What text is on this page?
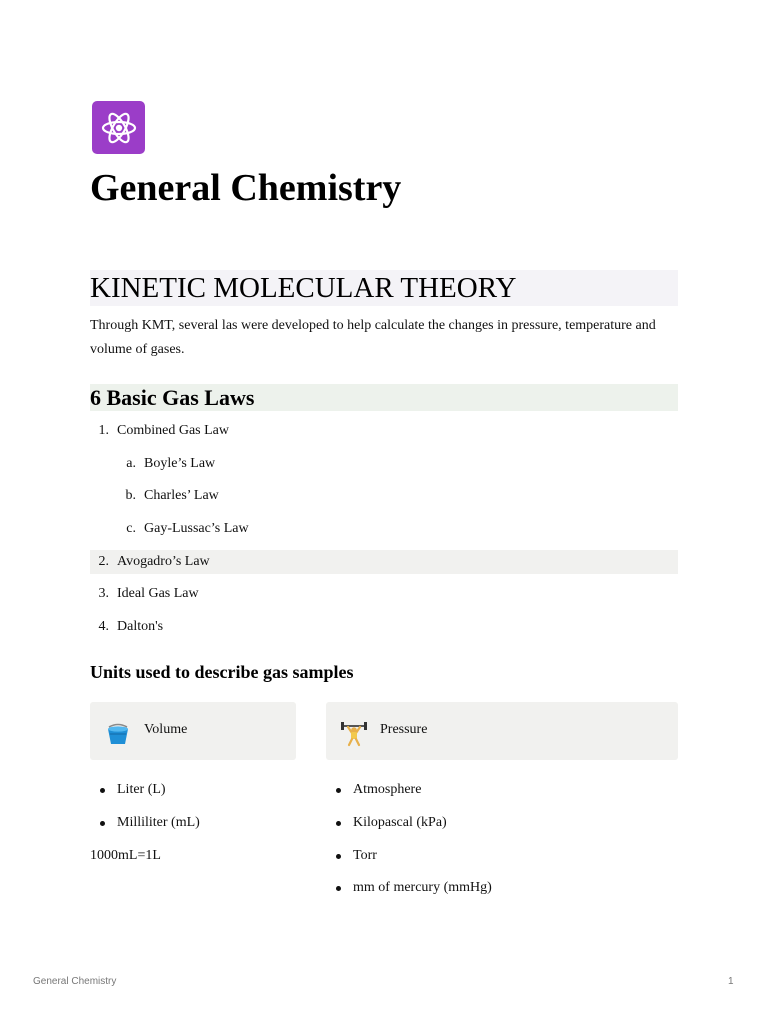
General Chemistry
KINETIC MOLECULAR THEORY

Through KMT, several las were developed to help calculate the changes in pressure, temperature and volume of gases.

6 Basic Gas Laws
1. Combined Gas Law
a. Boyle’s Law
b. Charles’ Law
c. Gay-Lussac’s Law
2. Avogadro’s Law
3. Ideal Gas Law
4. Dalton's
Units used to describe gas samples
Volume	Pressure
Liter (L)
Milliliter (mL)
1000mL=1L
Atmosphere
Kilopascal (kPa)
Torr
mm of mercury (mmHg)
General Chemistry	1
